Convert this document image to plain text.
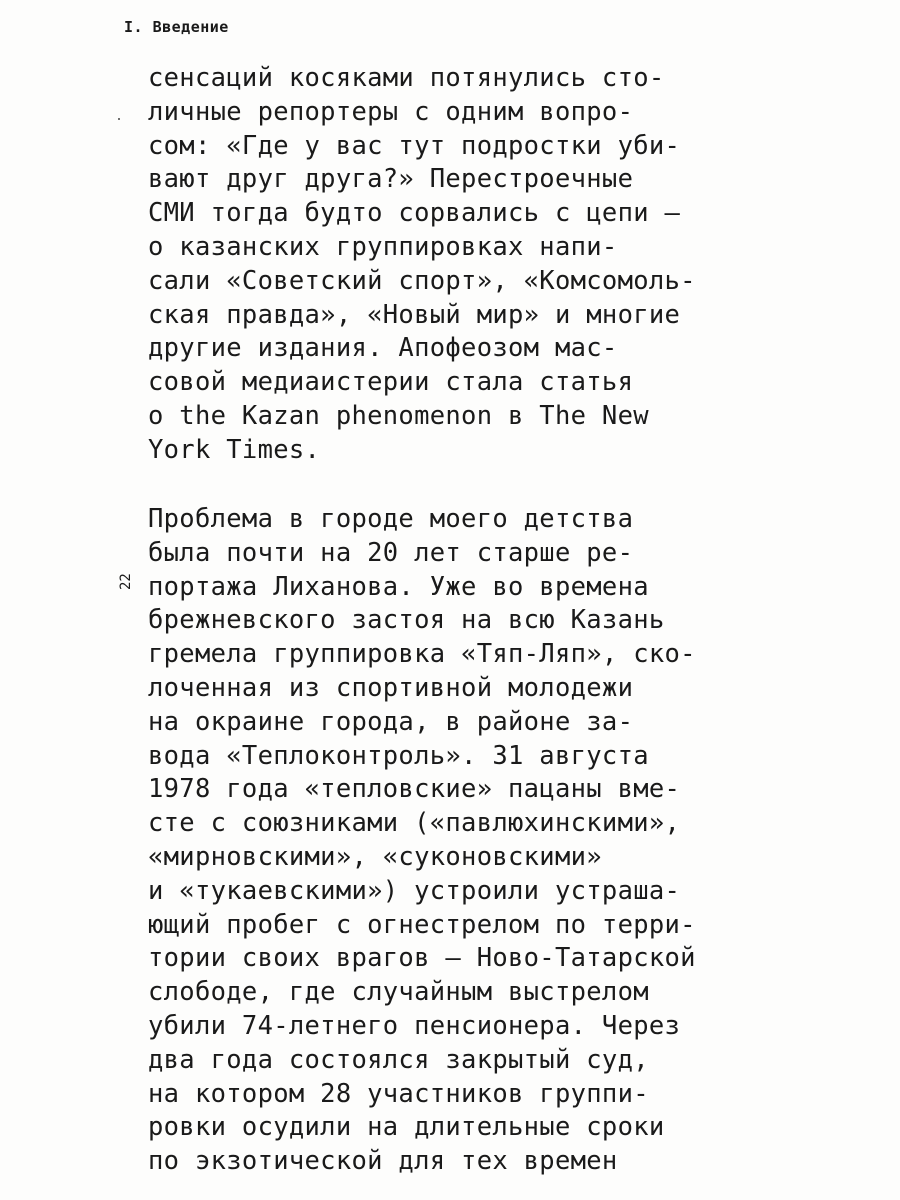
I. Введение
22
сенсаций косяками потянулись сто-
личные репортеры с одним вопро-
сом: «Где у вас тут подростки уби-
вают друг друга?» Перестроечные
СМИ тогда будто сорвались с цепи —
о казанских группировках напи-
сали «Советский спорт», «Комсомоль-
ская правда», «Новый мир» и многие
другие издания. Апофеозом мас-
совой медиаистерии стала статья
о the Kazan phenomenon в The New
York Times.
Проблема в городе моего детства
была почти на 20 лет старше ре-
портажа Лиханова. Уже во времена
брежневского застоя на всю Казань
гремела группировка «Тяп-Ляп», ско-
лоченная из спортивной молодежи
на окраине города, в районе за-
вода «Теплоконтроль». 31 августа
1978 года «тепловские» пацаны вме-
сте с союзниками («павлюхинскими»,
«мирновскими», «суконовскими»
и «тукаевскими») устроили устраша-
ющий пробег с огнестрелом по терри-
тории своих врагов — Ново-Татарской
слободе, где случайным выстрелом
убили 74-летнего пенсионера. Через
два года состоялся закрытый суд,
на котором 28 участников группи-
ровки осудили на длительные сроки
по экзотической для тех времен
